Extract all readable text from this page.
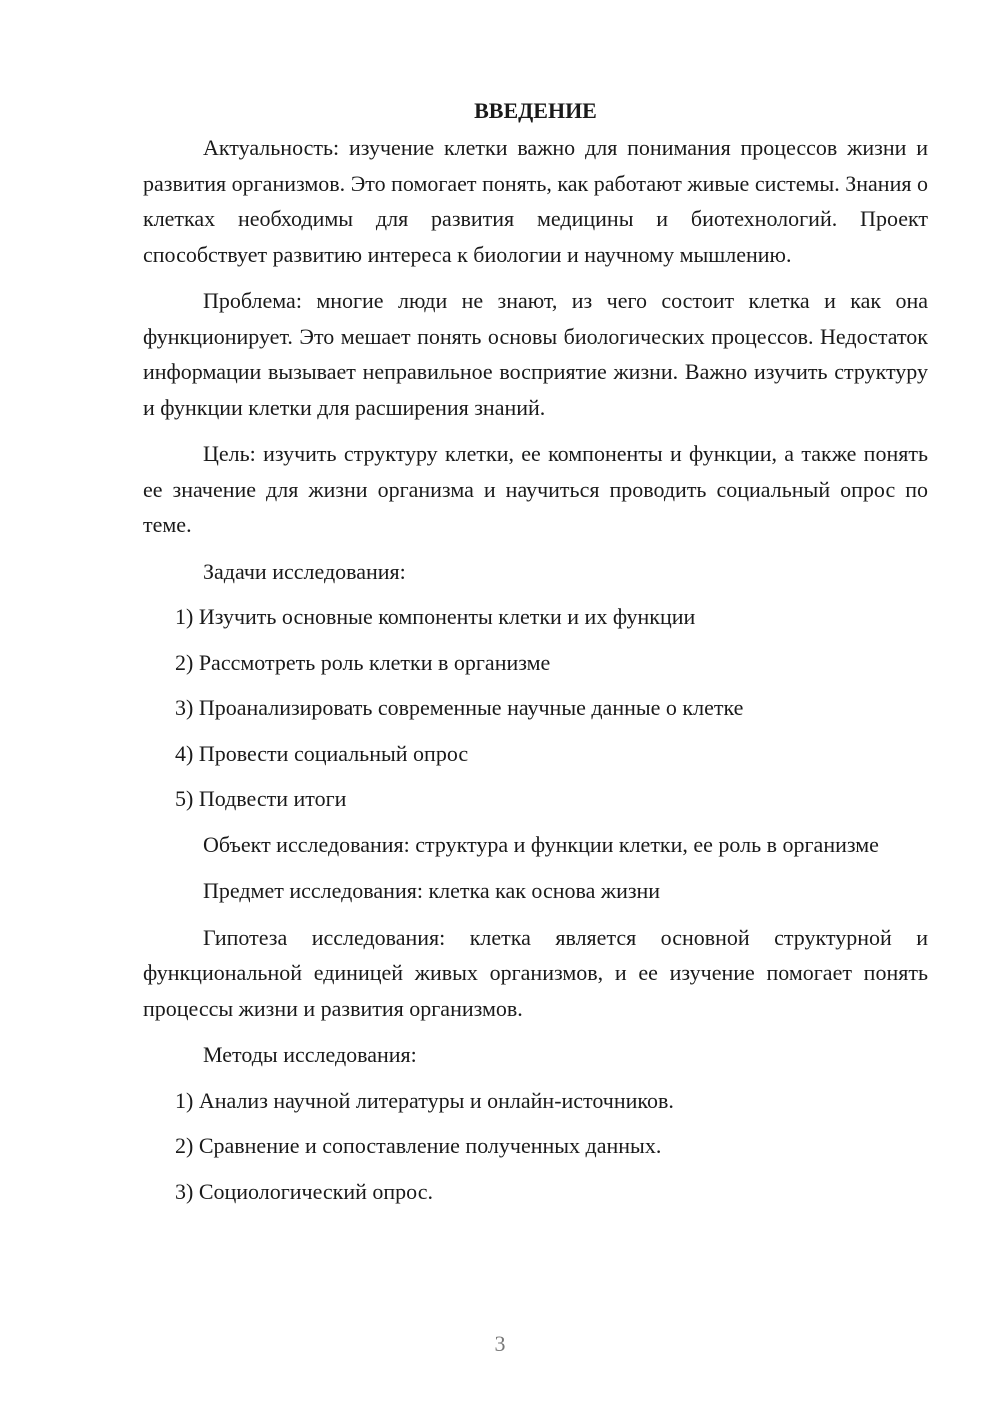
ВВЕДЕНИЕ

Актуальность: изучение клетки важно для понимания процессов жизни и развития организмов. Это помогает понять, как работают живые системы. Знания о клетках необходимы для развития медицины и биотехнологий. Проект способствует развитию интереса к биологии и научному мышлению.

Проблема: многие люди не знают, из чего состоит клетка и как она функционирует. Это мешает понять основы биологических процессов. Недостаток информации вызывает неправильное восприятие жизни. Важно изучить структуру и функции клетки для расширения знаний.

Цель: изучить структуру клетки, ее компоненты и функции, а также понять ее значение для жизни организма и научиться проводить социальный опрос по теме.

Задачи исследования:

1) Изучить основные компоненты клетки и их функции
2) Рассмотреть роль клетки в организме
3) Проанализировать современные научные данные о клетке
4) Провести социальный опрос
5) Подвести итоги

Объект исследования: структура и функции клетки, ее роль в организме

Предмет исследования: клетка как основа жизни

Гипотеза исследования: клетка является основной структурной и функциональной единицей живых организмов, и ее изучение помогает понять процессы жизни и развития организмов.

Методы исследования:

1) Анализ научной литературы и онлайн-источников.
2) Сравнение и сопоставление полученных данных.
3) Социологический опрос.
3
